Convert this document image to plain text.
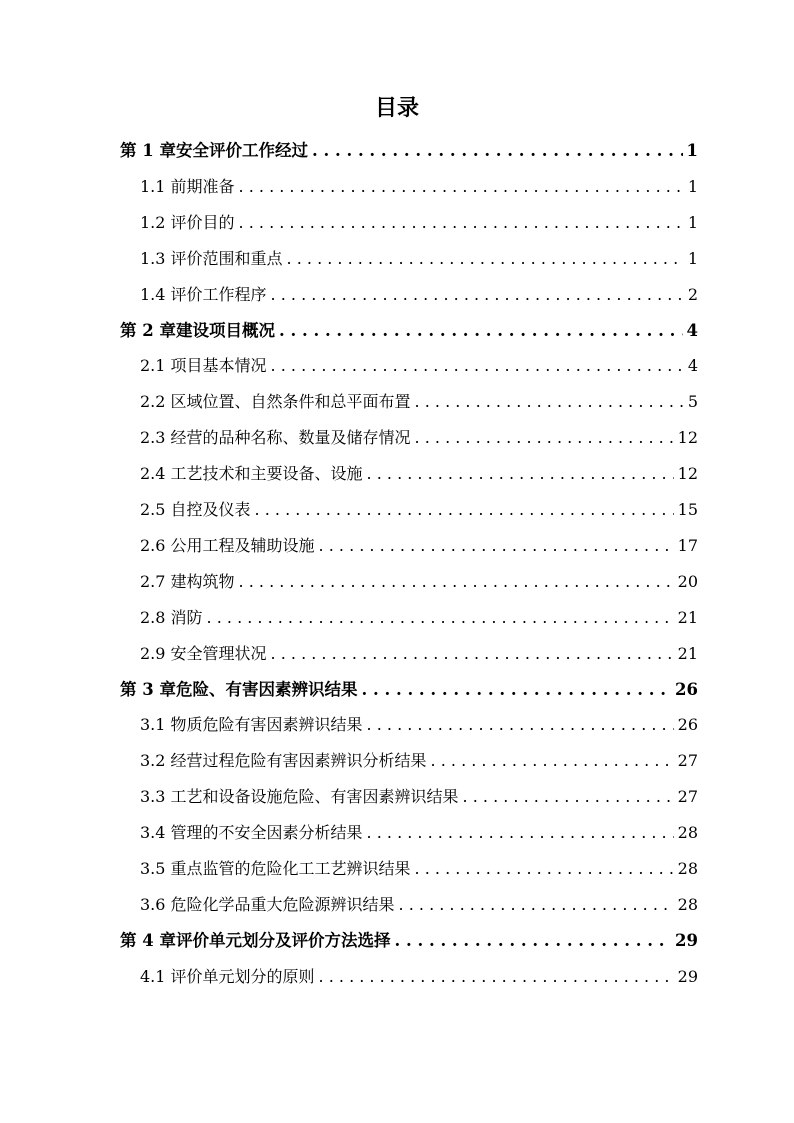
目录
第 1 章 安全评价工作经过 . . .	1
1.1 前期准备 . . .	1
1.2 评价目的 . . .	1
1.3 评价范围和重点 . . .	1
1.4 评价工作程序 . . .	2
第 2 章 建设项目概况 . . .	4
2.1 项目基本情况 . . .	4
2.2 区域位置、自然条件和总平面布置 . . .	5
2.3 经营的品种名称、数量及储存情况 . . .	12
2.4 工艺技术和主要设备、设施 . . .	12
2.5 自控及仪表 . . .	15
2.6 公用工程及辅助设施 . . .	17
2.7 建构筑物 . . .	20
2.8 消防 . . .	21
2.9 安全管理状况 . . .	21
第 3 章 危险、有害因素辨识结果 . . .	26
3.1 物质危险有害因素辨识结果 . . .	26
3.2 经营过程危险有害因素辨识分析结果 . . .	27
3.3 工艺和设备设施危险、有害因素辨识结果 . . .	27
3.4 管理的不安全因素分析结果 . . .	28
3.5 重点监管的危险化工工艺辨识结果 . . .	28
3.6 危险化学品重大危险源辨识结果 . . .	28
第 4 章 评价单元划分及评价方法选择 . . .	29
4.1 评价单元划分的原则 . . .	29
